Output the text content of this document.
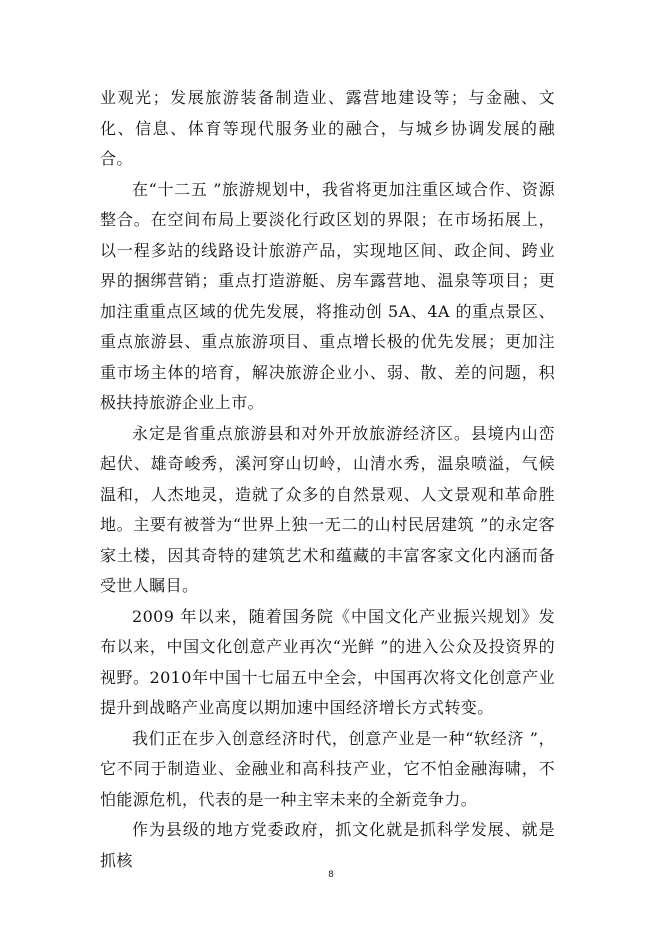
业观光；发展旅游装备制造业、露营地建设等；与金融、文化、信息、体育等现代服务业的融合，与城乡协调发展的融合。

在“十二五 ”旅游规划中，我省将更加注重区域合作、资源整合。在空间布局上要淡化行政区划的界限；在市场拓展上，以一程多站的线路设计旅游产品，实现地区间、政企间、跨业界的捆绑营销；重点打造游艇、房车露营地、温泉等项目；更加注重重点区域的优先发展，将推动创 5A、4A 的重点景区、重点旅游县、重点旅游项目、重点增长极的优先发展；更加注重市场主体的培育，解决旅游企业小、弱、散、差的问题，积极扶持旅游企业上市。

永定是省重点旅游县和对外开放旅游经济区。县境内山峦起伏、雄奇峻秀，溪河穿山切岭，山清水秀，温泉喷溢，气候温和，人杰地灵，造就了众多的自然景观、人文景观和革命胜地。主要有被誉为“世界上独一无二的山村民居建筑 ”的永定客家土楼，因其奇特的建筑艺术和蕴藏的丰富客家文化内涵而备受世人瞩目。

2009 年以来，随着国务院《中国文化产业振兴规划》发布以来，中国文化创意产业再次“光鲜 ”的进入公众及投资界的视野。2010年中国十七届五中全会，中国再次将文化创意产业提升到战略产业高度以期加速中国经济增长方式转变。

我们正在步入创意经济时代，创意产业是一种“软经济 ”，它不同于制造业、金融业和高科技产业，它不怕金融海啸，不怕能源危机，代表的是一种主宰未来的全新竞争力。

作为县级的地方党委政府，抓文化就是抓科学发展、就是抓核

8
